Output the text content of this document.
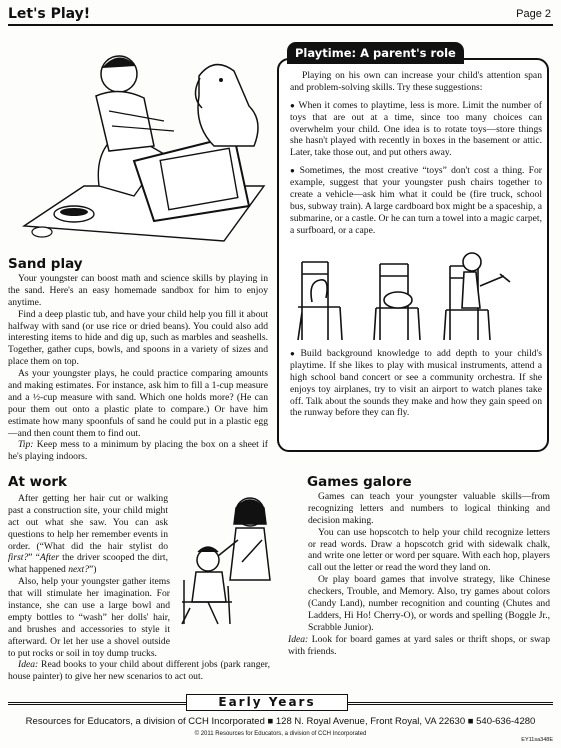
Let's Play!	Page 2
Playtime: A parent's role

Playing on his own can increase your child's attention span and problem-solving skills. Try these suggestions:

● When it comes to playtime, less is more. Limit the number of toys that are out at a time, since too many choices can overwhelm your child. One idea is to rotate toys—store things she hasn't played with recently in boxes in the basement or attic. Later, take those out, and put others away.

● Sometimes, the most creative “toys” don't cost a thing. For example, suggest that your youngster push chairs together to create a vehicle—ask him what it could be (fire truck, school bus, subway train). A large cardboard box might be a spaceship, a submarine, or a castle. Or he can turn a towel into a magic carpet, a surfboard, or a cape.

● Build background knowledge to add depth to your child's playtime. If she likes to play with musical instruments, attend a high school band concert or see a community orchestra. If she enjoys toy airplanes, try to visit an airport to watch planes take off. Talk about the sounds they make and how they gain speed on the runway before they can fly.

Sand play

Your youngster can boost math and science skills by playing in the sand. Here's an easy homemade sandbox for him to enjoy anytime.

Find a deep plastic tub, and have your child help you fill it about halfway with sand (or use rice or dried beans). You could also add interesting items to hide and dig up, such as marbles and seashells. Together, gather cups, bowls, and spoons in a variety of sizes and place them on top.

As your youngster plays, he could practice comparing amounts and making estimates. For instance, ask him to fill a 1-cup measure and a ½-cup measure with sand. Which one holds more? (He can pour them out onto a plastic plate to compare.) Or have him estimate how many spoonfuls of sand he could put in a plastic egg—and then count them to find out.

Tip: Keep mess to a minimum by placing the box on a sheet if he's playing indoors.

At work

After getting her hair cut or walking past a construction site, your child might act out what she saw. You can ask questions to help her remember events in order. (“What did the hair stylist do first?” “After the driver scooped the dirt, what happened next?”)

Also, help your youngster gather items that will stimulate her imagination. For instance, she can use a large bowl and empty bottles to “wash” her dolls' hair, and brushes and accessories to style it afterward. Or let her use a shovel outside to put rocks or soil in toy dump trucks.

Idea: Read books to your child about different jobs (park ranger, house painter) to give her new scenarios to act out.

Games galore

Games can teach your youngster valuable skills—from recognizing letters and numbers to logical thinking and decision making.

You can use hopscotch to help your child recognize letters or read words. Draw a hopscotch grid with sidewalk chalk, and write one letter or word per square. With each hop, players call out the letter or read the word they land on.

Or play board games that involve strategy, like Chinese checkers, Trouble, and Memory. Also, try games about colors (Candy Land), number recognition and counting (Chutes and Ladders, Hi Ho! Cherry-O), or words and spelling (Boggle Jr., Scrabble Junior).

Idea: Look for board games at yard sales or thrift shops, or swap with friends.

Early Years
Resources for Educators, a division of CCH Incorporated ■ 128 N. Royal Avenue, Front Royal, VA 22630 ■ 540-636-4280
© 2011 Resources for Educators, a division of CCH Incorporated
EY11sa348E
